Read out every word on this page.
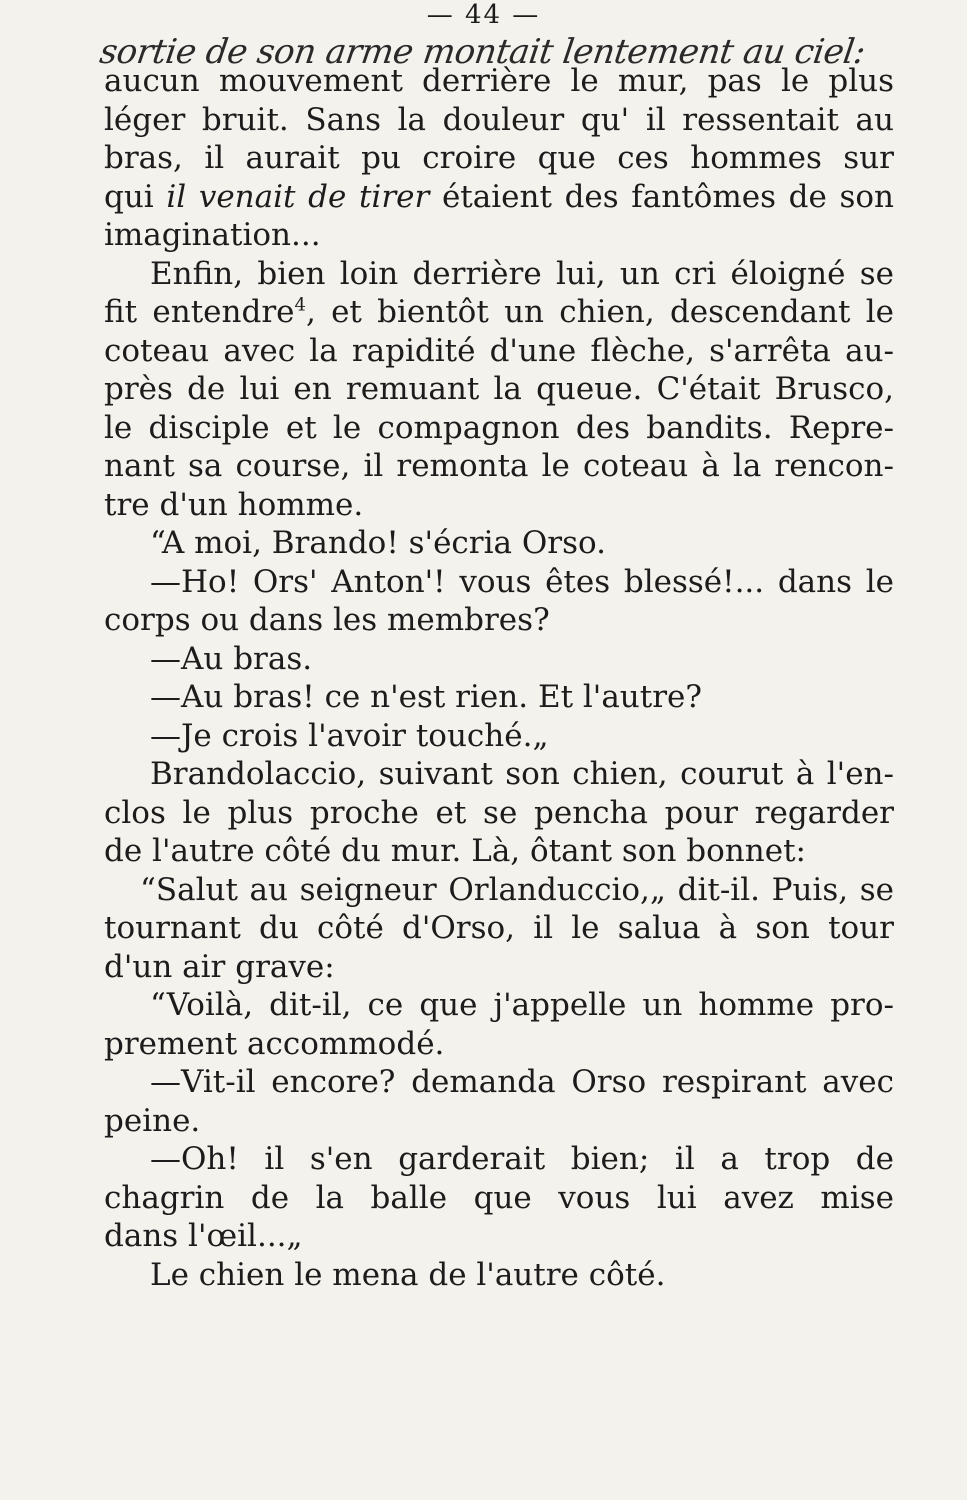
— 44 —
sortie de son arme montait lentement au ciel:
aucun mouvement derrière le mur, pas le plus
léger bruit. Sans la douleur qu' il ressentait au
bras, il aurait pu croire que ces hommes sur
qui il venait de tirer étaient des fantômes de son
imagination...
Enfin, bien loin derrière lui, un cri éloigné se
fit entendre$^4$, et bientôt un chien, descendant le
coteau avec la rapidité d'une flèche, s'arrêta au-
près de lui en remuant la queue. C'était Brusco,
le disciple et le compagnon des bandits. Repre-
nant sa course, il remonta le coteau à la rencon-
tre d'un homme.
“A moi, Brando! s'écria Orso.
—Ho! Ors' Anton'! vous êtes blessé!... dans le
corps ou dans les membres?
—Au bras.
—Au bras! ce n'est rien. Et l'autre?
—Je crois l'avoir touché.„
Brandolaccio, suivant son chien, courut à l'en-
clos le plus proche et se pencha pour regarder
de l'autre côté du mur. Là, ôtant son bonnet:
“Salut au seigneur Orlanduccio,„ dit-il. Puis, se
tournant du côté d'Orso, il le salua à son tour
d'un air grave:
“Voilà, dit-il, ce que j'appelle un homme pro-
prement accommodé.
—Vit-il encore? demanda Orso respirant avec
peine.
—Oh! il s'en garderait bien; il a trop de
chagrin de la balle que vous lui avez mise
dans l'œil...„
Le chien le mena de l'autre côté.
